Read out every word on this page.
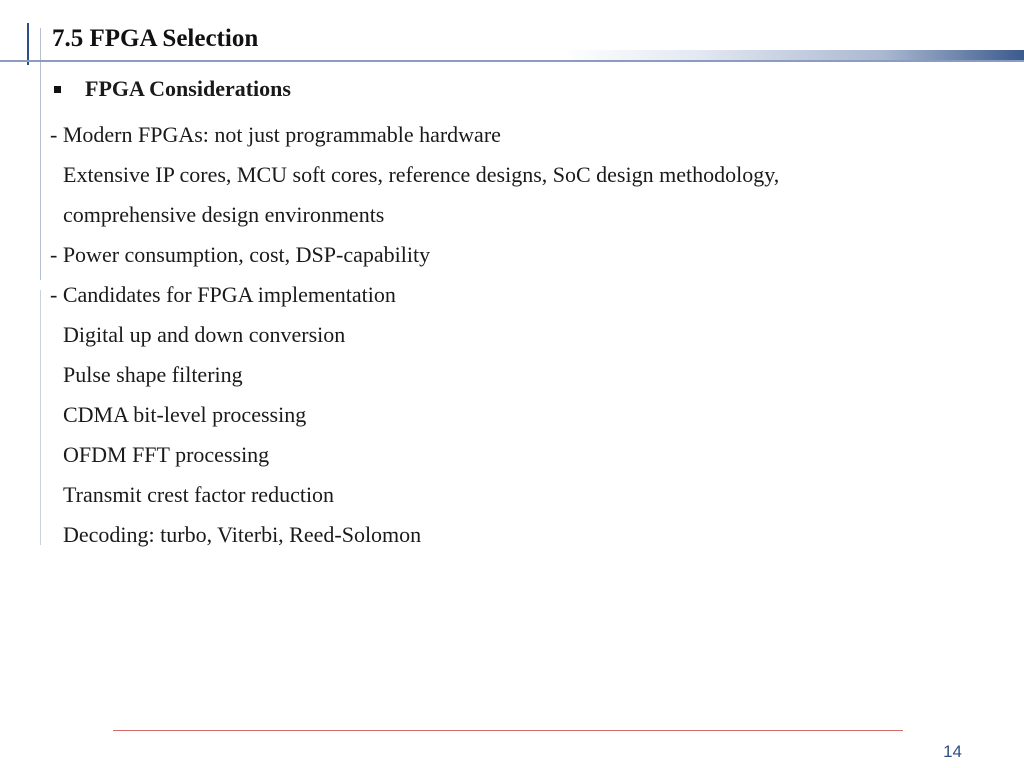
7.5 FPGA Selection
FPGA Considerations
- Modern FPGAs: not just programmable hardware
Extensive IP cores, MCU soft cores, reference designs, SoC design methodology,
comprehensive design environments
- Power consumption, cost, DSP-capability
- Candidates for FPGA implementation
Digital up and down conversion
Pulse shape filtering
CDMA bit-level processing
OFDM FFT processing
Transmit crest factor reduction
Decoding: turbo, Viterbi, Reed-Solomon
14
